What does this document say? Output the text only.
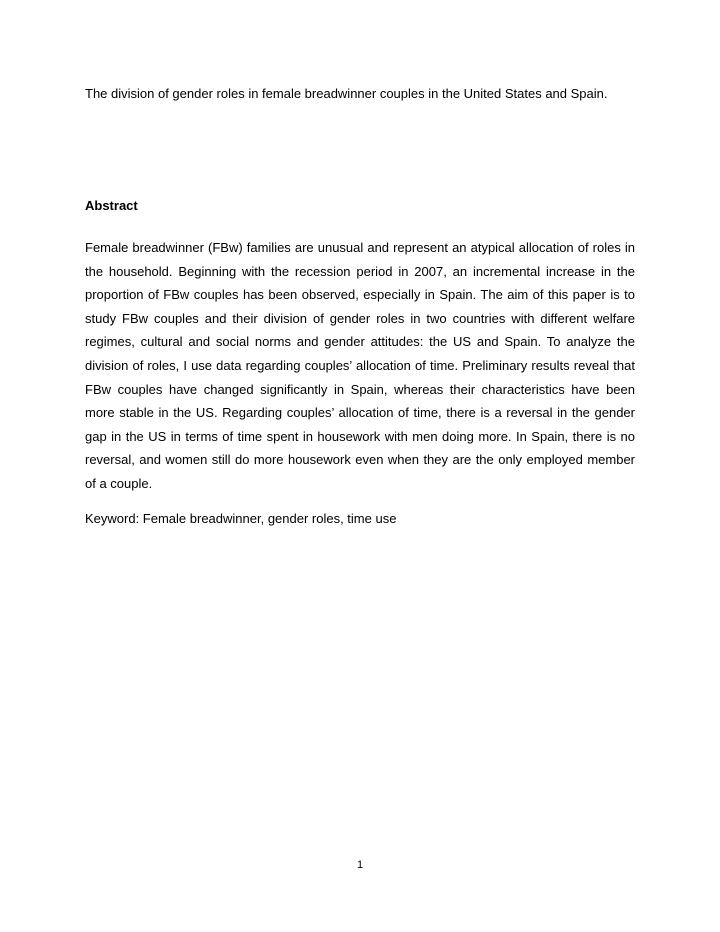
The division of gender roles in female breadwinner couples in the United States and Spain.
Abstract

Female breadwinner (FBw) families are unusual and represent an atypical allocation of roles in the household. Beginning with the recession period in 2007, an incremental increase in the proportion of FBw couples has been observed, especially in Spain. The aim of this paper is to study FBw couples and their division of gender roles in two countries with different welfare regimes, cultural and social norms and gender attitudes: the US and Spain. To analyze the division of roles, I use data regarding couples’ allocation of time. Preliminary results reveal that FBw couples have changed significantly in Spain, whereas their characteristics have been more stable in the US. Regarding couples’ allocation of time, there is a reversal in the gender gap in the US in terms of time spent in housework with men doing more. In Spain, there is no reversal, and women still do more housework even when they are the only employed member of a couple.

Keyword: Female breadwinner, gender roles, time use
1
